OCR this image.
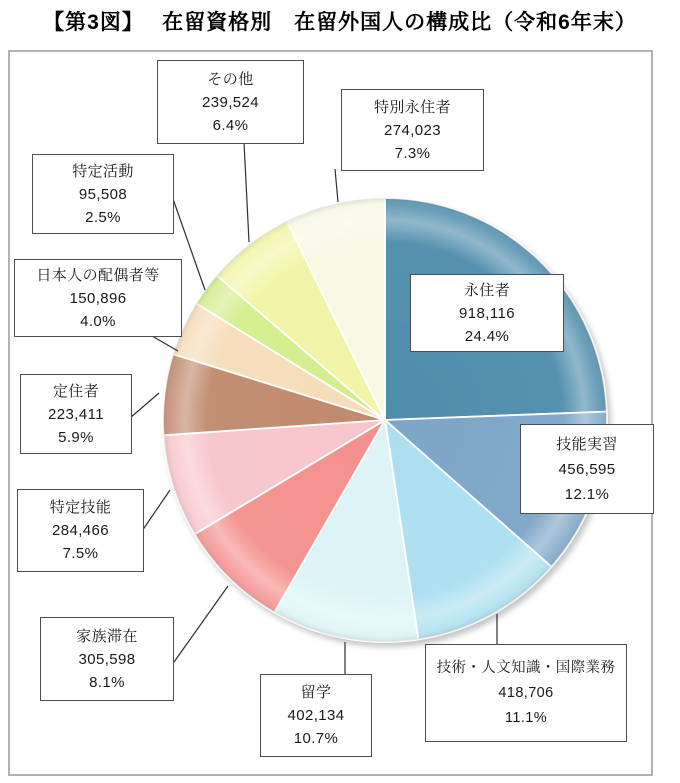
【第3図】　 在留資格別　在留外国人の構成比（令和6年末）
その他
239,524
6.4%
特別永住者
274,023
7.3%
特定活動
95,508
2.5%
日本人の配偶者等
150,896
4.0%
定住者
223,411
5.9%
特定技能
284,466
7.5%
家族滞在
305,598
8.1%
留学
402,134
10.7%
技術・人文知識・国際業務
418,706
11.1%
技能実習
456,595
12.1%
永住者
918,116
24.4%
